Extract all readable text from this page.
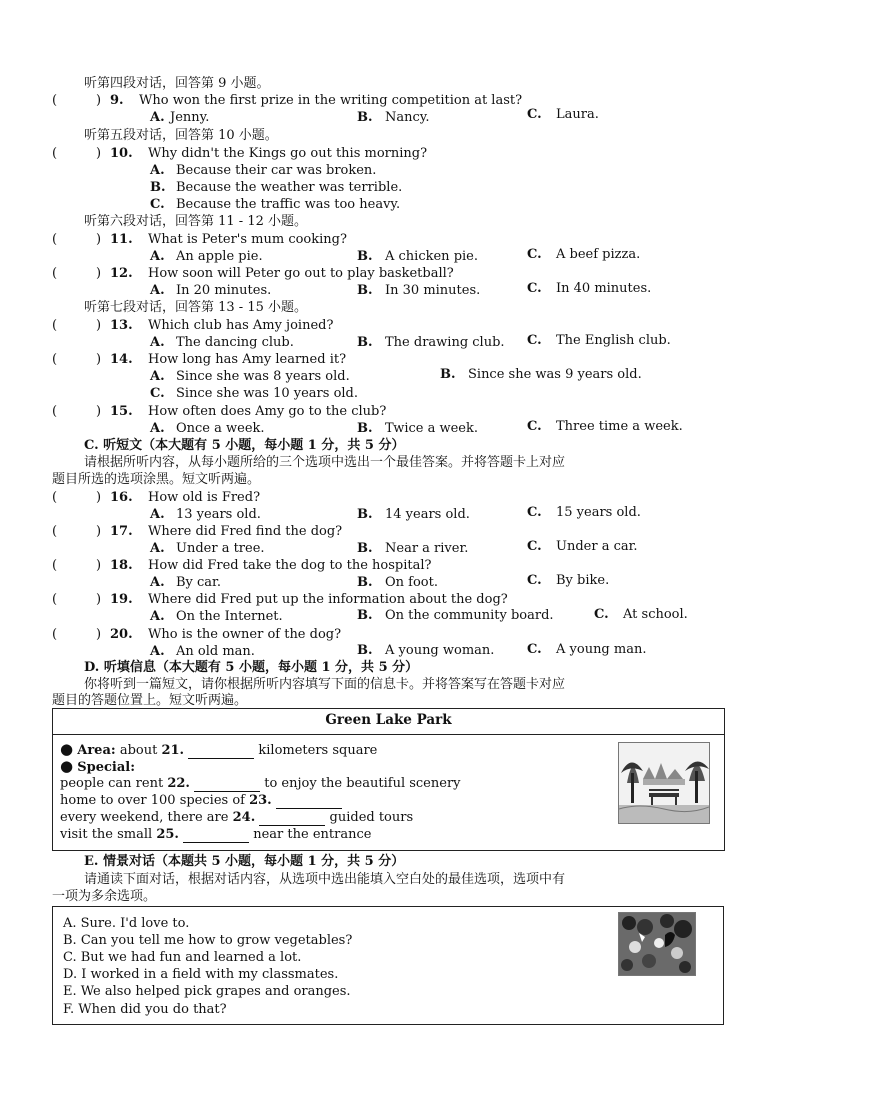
听第四段对话，回答第 9 小题。
(	) 9. Who won the first prize in the writing competition at last?
A. Jenny.	B. Nancy.	C. Laura.
听第五段对话，回答第 10 小题。
(	) 10. Why didn't the Kings go out this morning?
A. Because their car was broken.
B. Because the weather was terrible.
C. Because the traffic was too heavy.
听第六段对话，回答第 11 - 12 小题。
(	) 11. What is Peter's mum cooking?
A. An apple pie.	B. A chicken pie.	C. A beef pizza.
(	) 12. How soon will Peter go out to play basketball?
A. In 20 minutes.	B. In 30 minutes.	C. In 40 minutes.
听第七段对话，回答第 13 - 15 小题。
(	) 13. Which club has Amy joined?
A. The dancing club.	B. The drawing club. C. The English club.
(	) 14. How long has Amy learned it?
A. Since she was 8 years old.	B. Since she was 9 years old.
C. Since she was 10 years old.
(	) 15. How often does Amy go to the club?
A. Once a week.	B. Twice a week.	C. Three time a week.
C. 听短文（本大题有 5 小题，每小题 1 分，共 5 分）
请根据所听内容，从每小题所给的三个选项中选出一个最佳答案。并将答题卡上对应
题目所选的选项涂黑。短文听两遍。
(	) 16. How old is Fred?
A. 13 years old.	B. 14 years old.	C. 15 years old.
(	) 17. Where did Fred find the dog?
A. Under a tree.	B. Near a river.	C. Under a car.
(	) 18. How did Fred take the dog to the hospital?
A. By car.	B. On foot.	C. By bike.
(	) 19. Where did Fred put up the information about the dog?
A. On the Internet.	B. On the community board.	C. At school.
(	) 20. Who is the owner of the dog?
A. An old man.	B. A young woman.	C. A young man.
D. 听填信息（本大题有 5 小题，每小题 1 分，共 5 分）
你将听到一篇短文，请你根据所听内容填写下面的信息卡。并将答案写在答题卡对应
题目的答题位置上。短文听两遍。
Green Lake Park
● Area: about 21.	kilometers square
● Special:
people can rent 22.	to enjoy the beautiful scenery
home to over 100 species of 23.
every weekend, there are 24.	guided tours
visit the small 25.	near the entrance
E. 情景对话（本题共 5 小题，每小题 1 分，共 5 分）
请通读下面对话，根据对话内容，从选项中选出能填入空白处的最佳选项，选项中有
一项为多余选项。
A. Sure. I'd love to.
B. Can you tell me how to grow vegetables?
C. But we had fun and learned a lot.
D. I worked in a field with my classmates.
E. We also helped pick grapes and oranges.
F. When did you do that?
